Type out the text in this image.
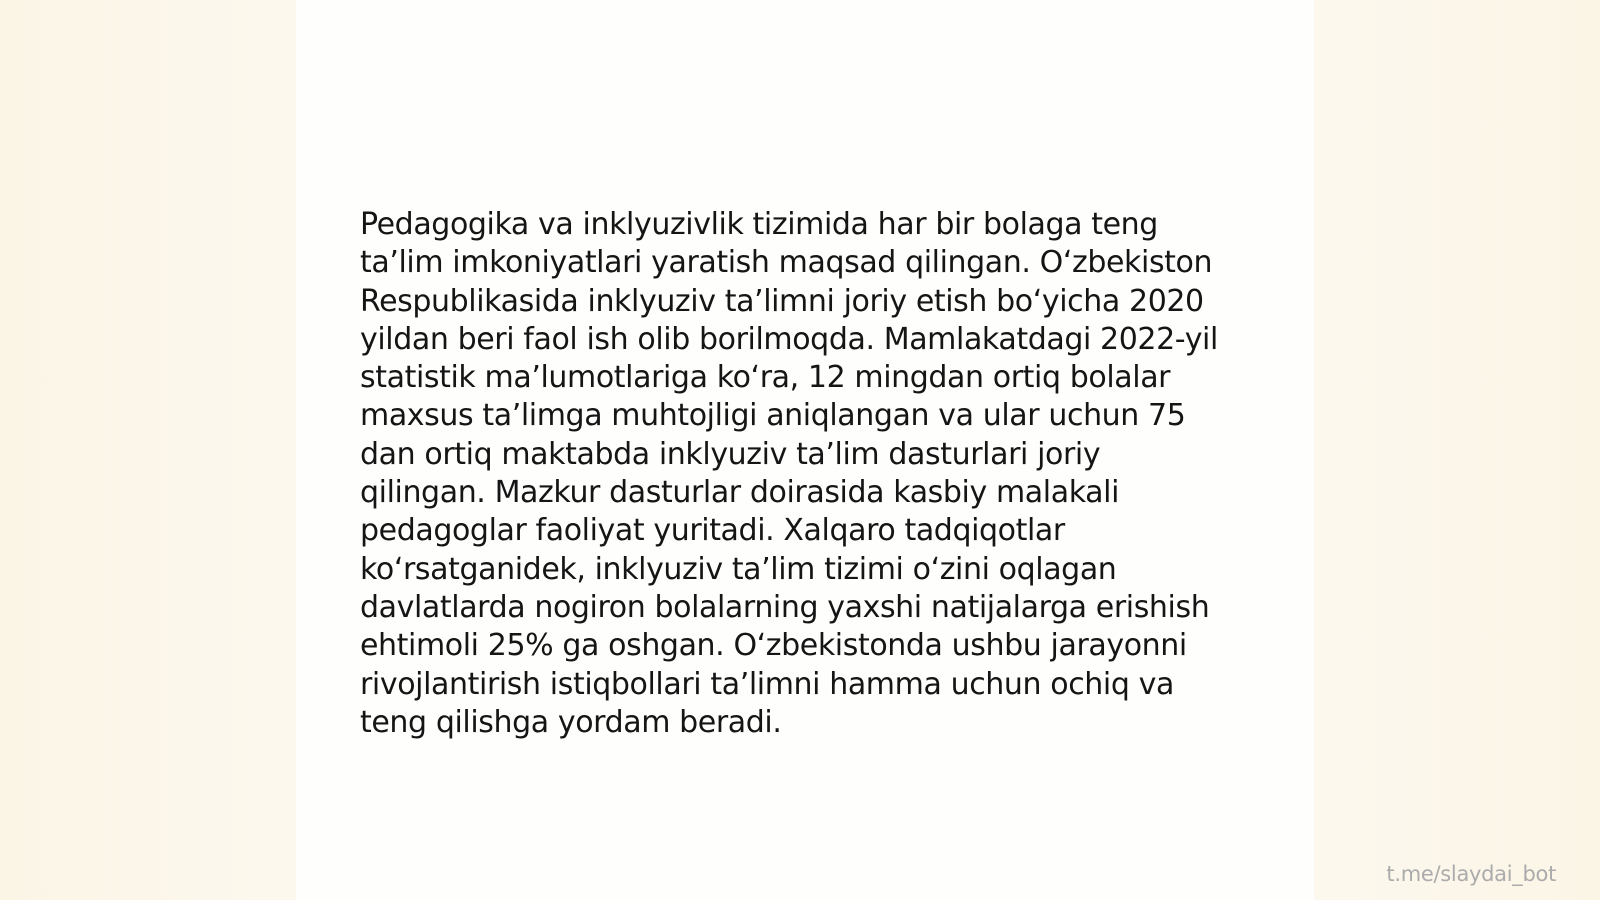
Pedagogika va inklyuzivlik tizimida har bir bolaga teng
ta’lim imkoniyatlari yaratish maqsad qilingan. O‘zbekiston
Respublikasida inklyuziv ta’limni joriy etish bo‘yicha 2020
yildan beri faol ish olib borilmoqda. Mamlakatdagi 2022-yil
statistik ma’lumotlariga ko‘ra, 12 mingdan ortiq bolalar
maxsus ta’limga muhtojligi aniqlangan va ular uchun 75
dan ortiq maktabda inklyuziv ta’lim dasturlari joriy
qilingan. Mazkur dasturlar doirasida kasbiy malakali
pedagoglar faoliyat yuritadi. Xalqaro tadqiqotlar
ko‘rsatganidek, inklyuziv ta’lim tizimi o‘zini oqlagan
davlatlarda nogiron bolalarning yaxshi natijalarga erishish
ehtimoli 25% ga oshgan. O‘zbekistonda ushbu jarayonni
rivojlantirish istiqbollari ta’limni hamma uchun ochiq va
teng qilishga yordam beradi.

t.me/slaydai_bot
